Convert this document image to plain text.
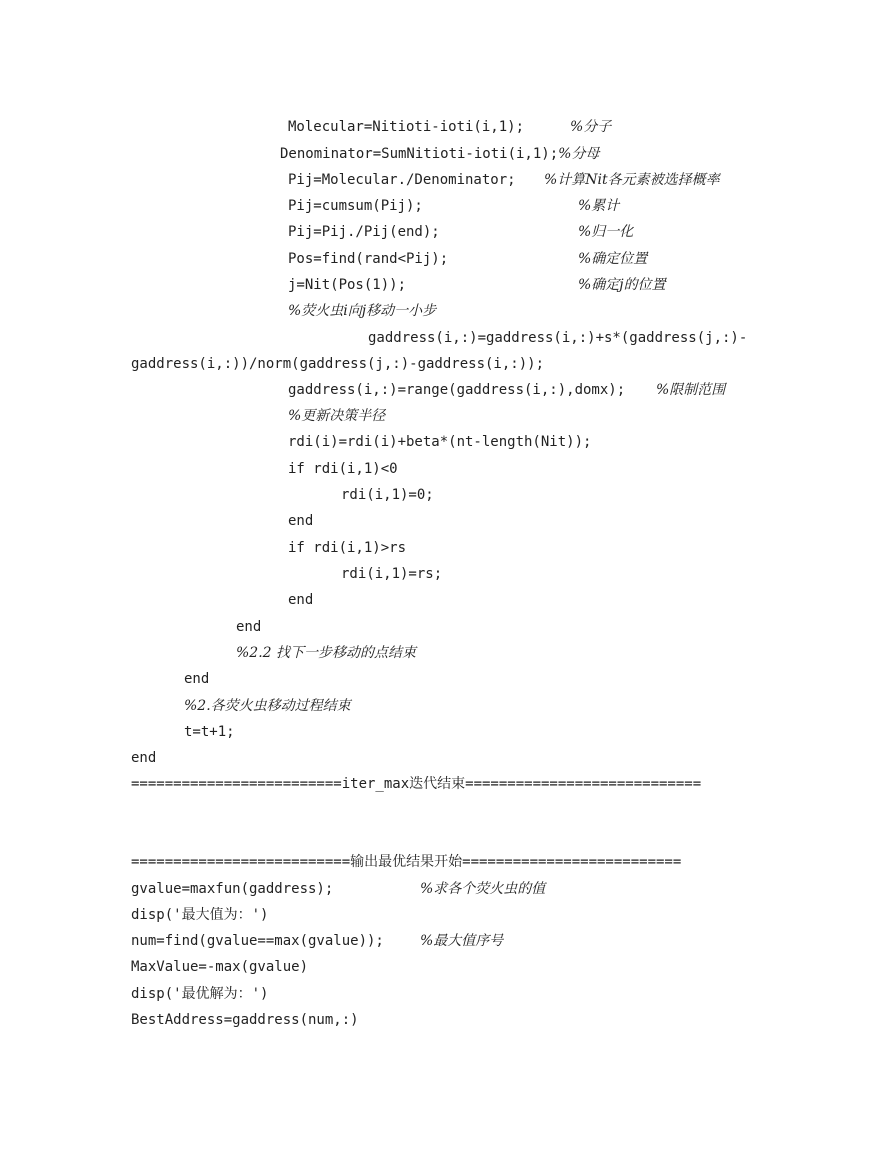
Molecular=Nitioti-ioti(i,1);	%分子
Denominator=SumNitioti-ioti(i,1);%分母
Pij=Molecular./Denominator; %计算Nit各元素被选择概率
Pij=cumsum(Pij);	%累计
Pij=Pij./Pij(end);	%归一化
Pos=find(rand<Pij);	%确定位置
j=Nit(Pos(1));	%确定j的位置
%荧火虫i向j移动一小步
gaddress(i,:)=gaddress(i,:)+s*(gaddress(j,:)-
gaddress(i,:))/norm(gaddress(j,:)-gaddress(i,:));
gaddress(i,:)=range(gaddress(i,:),domx); %限制范围
%更新决策半径
rdi(i)=rdi(i)+beta*(nt-length(Nit));
if rdi(i,1)<0
rdi(i,1)=0;
end
if rdi(i,1)>rs
rdi(i,1)=rs;
end
end
%2.2 找下一步移动的点结束
end
%2.各荧火虫移动过程结束
t=t+1;
end
=========================iter_max迭代结束============================
==========================输出最优结果开始==========================
gvalue=maxfun(gaddress);	%求各个荧火虫的值
disp('最大值为：')
num=find(gvalue==max(gvalue));	%最大值序号
MaxValue=-max(gvalue)
disp('最优解为：')
BestAddress=gaddress(num,:)
